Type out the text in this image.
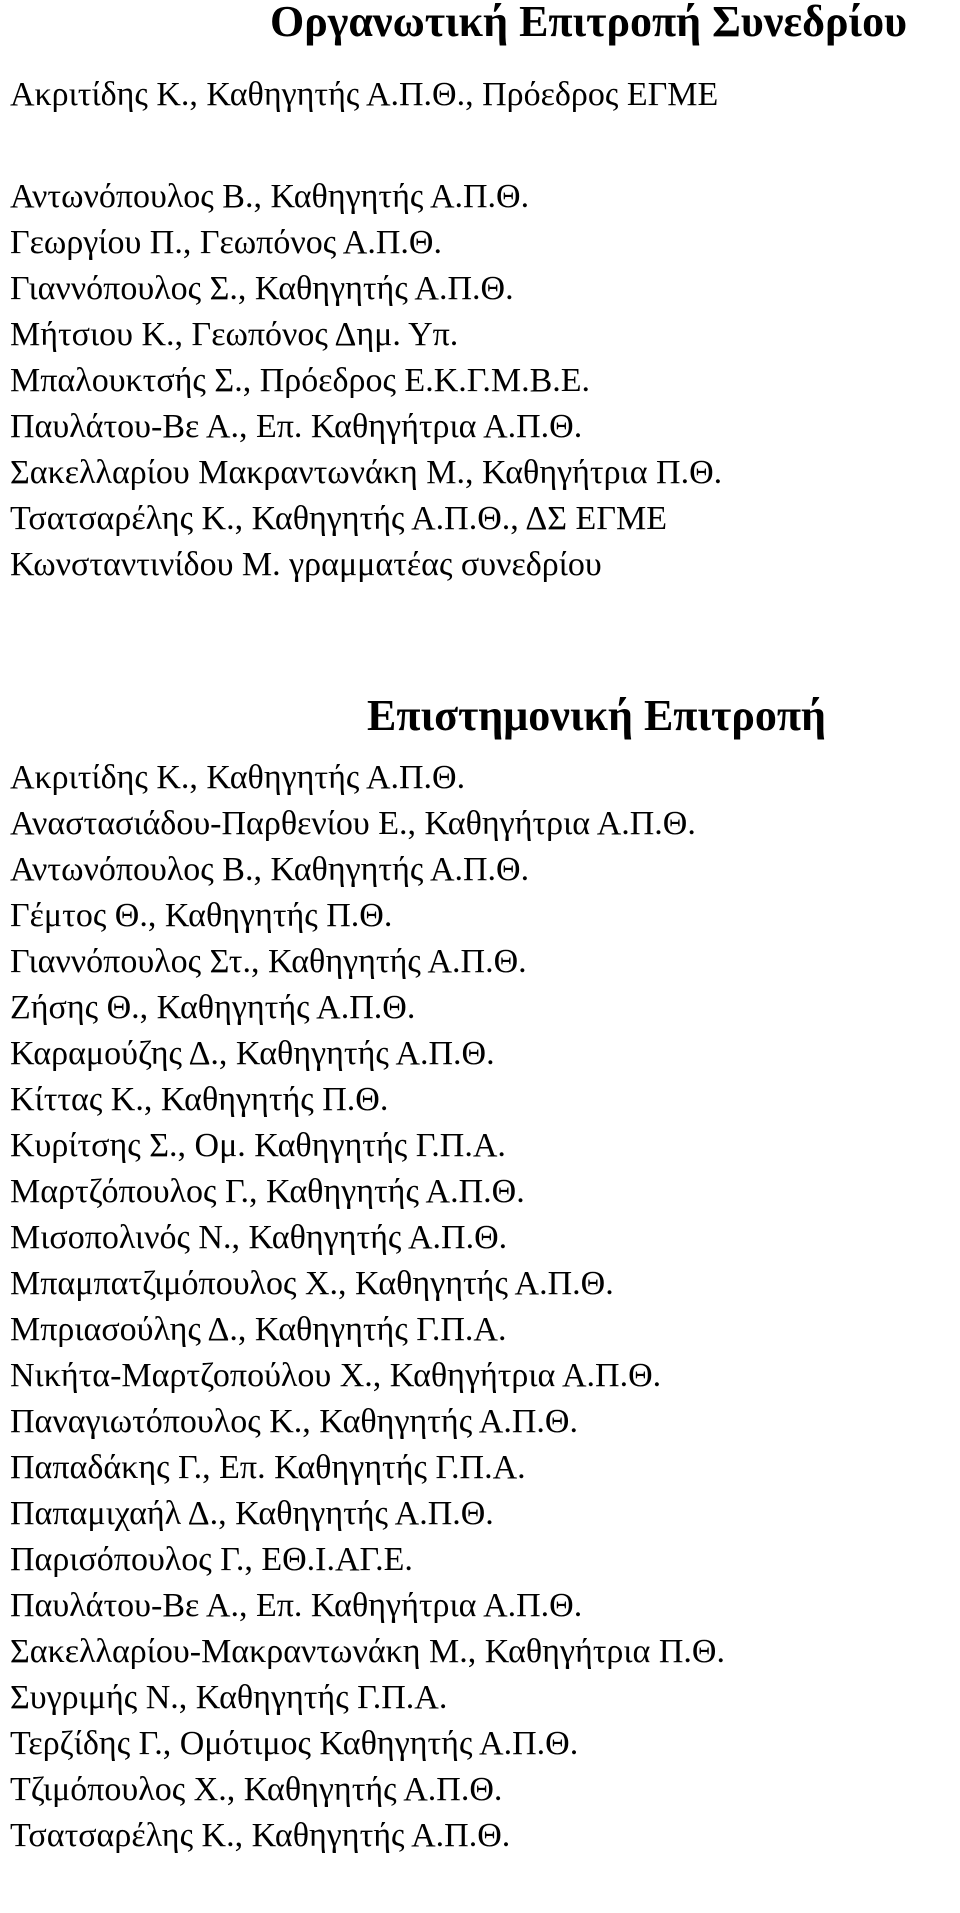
Οργανωτική Επιτροπή Συνεδρίου
Ακριτίδης Κ., Καθηγητής Α.Π.Θ., Πρόεδρος ΕΓΜΕ
Αντωνόπουλος Β., Καθηγητής Α.Π.Θ.
Γεωργίου Π., Γεωπόνος Α.Π.Θ.
Γιαννόπουλος Σ., Καθηγητής Α.Π.Θ.
Μήτσιου Κ., Γεωπόνος Δημ. Υπ.
Μπαλουκτσής Σ., Πρόεδρος Ε.Κ.Γ.Μ.Β.Ε.
Παυλάτου-Βε Α., Επ. Καθηγήτρια Α.Π.Θ.
Σακελλαρίου Μακραντωνάκη Μ., Καθηγήτρια Π.Θ.
Τσατσαρέλης Κ., Καθηγητής Α.Π.Θ., ΔΣ ΕΓΜΕ
Κωνσταντινίδου Μ. γραμματέας συνεδρίου
Επιστημονική Επιτροπή
Ακριτίδης Κ., Καθηγητής Α.Π.Θ.
Αναστασιάδου-Παρθενίου Ε., Καθηγήτρια Α.Π.Θ.
Αντωνόπουλος Β., Καθηγητής Α.Π.Θ.
Γέμτος Θ., Καθηγητής Π.Θ.
Γιαννόπουλος Στ., Καθηγητής Α.Π.Θ.
Ζήσης Θ., Καθηγητής Α.Π.Θ.
Καραμούζης Δ., Καθηγητής Α.Π.Θ.
Κίττας Κ., Καθηγητής Π.Θ.
Κυρίτσης Σ., Ομ. Καθηγητής Γ.Π.Α.
Μαρτζόπουλος Γ., Καθηγητής Α.Π.Θ.
Μισοπολινός Ν., Καθηγητής Α.Π.Θ.
Μπαμπατζιμόπουλος Χ., Καθηγητής Α.Π.Θ.
Μπριασούλης Δ., Καθηγητής Γ.Π.Α.
Νικήτα-Μαρτζοπούλου Χ., Καθηγήτρια Α.Π.Θ.
Παναγιωτόπουλος Κ., Καθηγητής Α.Π.Θ.
Παπαδάκης Γ., Επ. Καθηγητής Γ.Π.Α.
Παπαμιχαήλ Δ., Καθηγητής Α.Π.Θ.
Παρισόπουλος Γ., ΕΘ.Ι.ΑΓ.Ε.
Παυλάτου-Βε Α., Επ. Καθηγήτρια Α.Π.Θ.
Σακελλαρίου-Μακραντωνάκη Μ., Καθηγήτρια Π.Θ.
Συγριμής Ν., Καθηγητής Γ.Π.Α.
Τερζίδης Γ., Ομότιμος Καθηγητής Α.Π.Θ.
Τζιμόπουλος Χ., Καθηγητής Α.Π.Θ.
Τσατσαρέλης Κ., Καθηγητής Α.Π.Θ.
